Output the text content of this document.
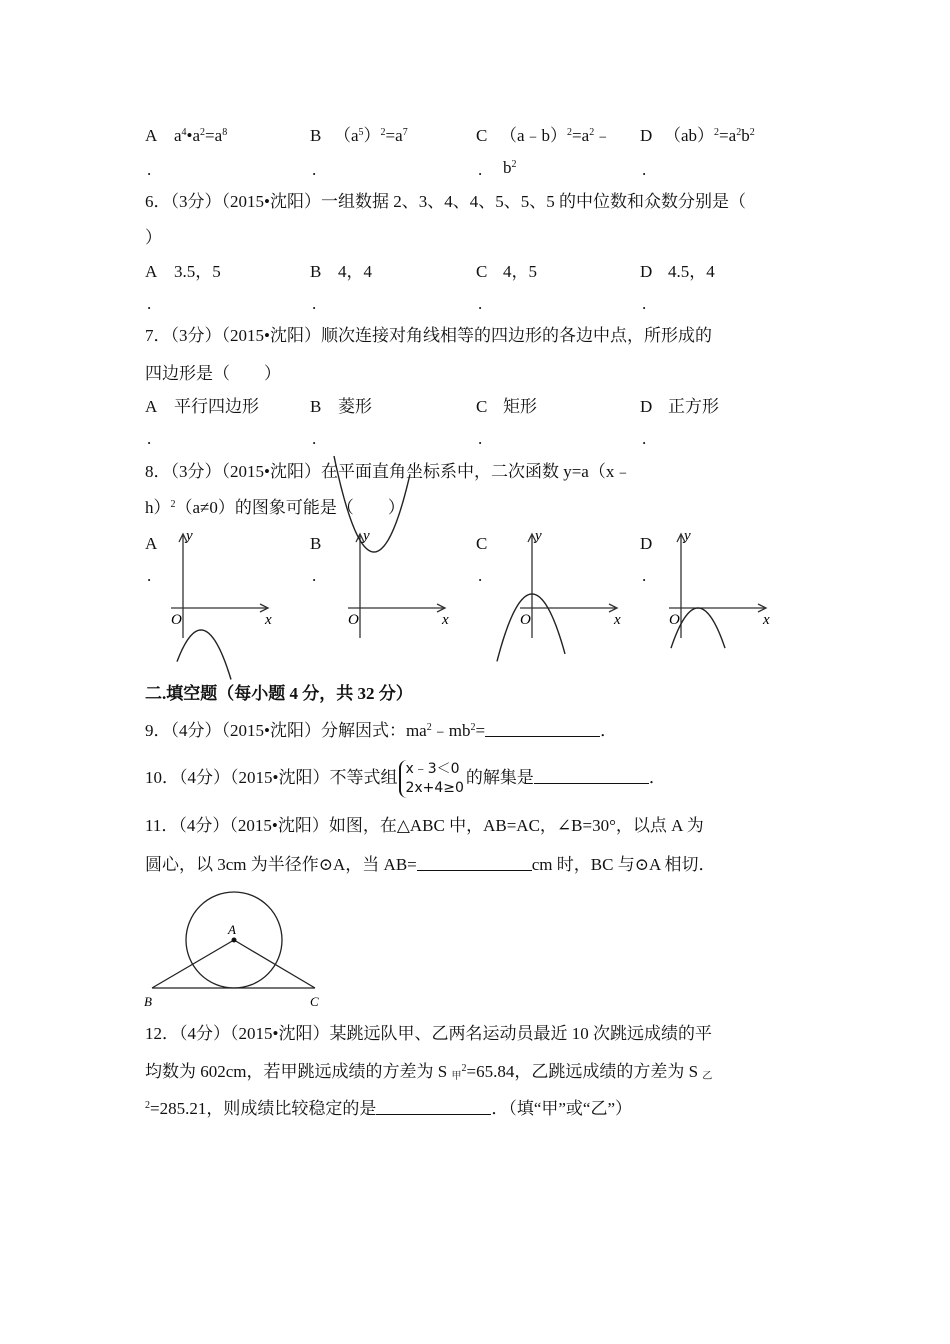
A $a^4•a^2=a^8$	B $(a^5)^2=a^7$	C $(a﹣b)^2=a^2﹣$
$b^2$
D $(ab)^2=a^2b^2$
.	.	.	.
6．（3分）（2015•沈阳）一组数据 2、3、4、4、5、5、5 的中位数和众数分别是（
）
A 3.5，5	B 4，4	C 4，5	D 4.5，4
.	.	.	.
7．（3分）（2015•沈阳）顺次连接对角线相等的四边形的各边中点，所形成的
四边形是（　　）
A 平行四边形	B 菱形	C 矩形	D 正方形
.	.	.	.
8．（3分）（2015•沈阳）在平面直角坐标系中，二次函数 y=a（x﹣
h）$^2$（a≠0）的图象可能是（　　）
A	B	C	D
.	.	.	.
y
O	x
y
O	x
y
O	x
y
O	x
二.填空题（每小题 4 分，共 32 分）
9．（4分）（2015•沈阳）分解因式：$ma^2﹣mb^2=$	．
10．（4分）（2015•沈阳）不等式组 x﹣3＜0
2x+4≥0的解集是	．
11．（4分）（2015•沈阳）如图，在△ABC 中，AB=AC，∠B=30°，以点 A 为
圆心，以 3cm 为半径作⊙A，当 AB=	cm 时，BC 与⊙A 相切．
A
B	C
12．（4分）（2015•沈阳）某跳远队甲、乙两名运动员最近 10 次跳远成绩的平
均数为 602cm，若甲跳远成绩的方差为 S $_甲^2$=65.84，乙跳远成绩的方差为 S $_乙$
$^2$=285.21，则成绩比较稳定的是	．（填“甲”或“乙”）
